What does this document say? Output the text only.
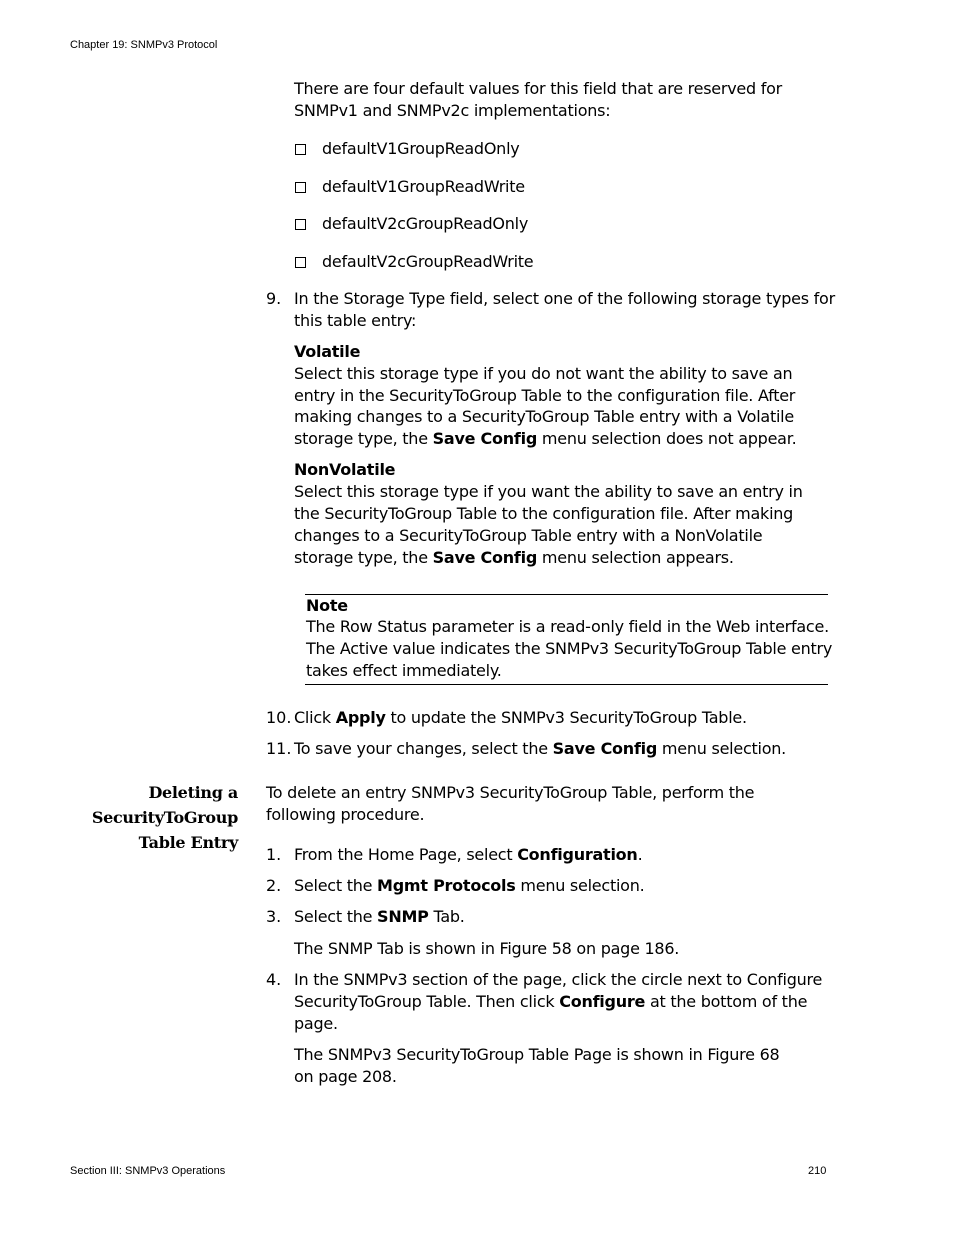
Chapter 19: SNMPv3 Protocol
Section III: SNMPv3 Operations	210
There are four default values for this field that are reserved for
SNMPv1 and SNMPv2c implementations:
defaultV1GroupReadOnly
defaultV1GroupReadWrite
defaultV2cGroupReadOnly
defaultV2cGroupReadWrite
9. In the Storage Type field, select one of the following storage types for
this table entry:
Volatile
Select this storage type if you do not want the ability to save an
entry in the SecurityToGroup Table to the configuration file. After
making changes to a SecurityToGroup Table entry with a Volatile
storage type, the Save Config menu selection does not appear.
NonVolatile
Select this storage type if you want the ability to save an entry in
the SecurityToGroup Table to the configuration file. After making
changes to a SecurityToGroup Table entry with a NonVolatile
storage type, the Save Config menu selection appears.
Note
The Row Status parameter is a read-only field in the Web interface.
The Active value indicates the SNMPv3 SecurityToGroup Table entry
takes effect immediately.
10. Click Apply to update the SNMPv3 SecurityToGroup Table.
11. To save your changes, select the Save Config menu selection.
Deleting a
SecurityToGroup
Table Entry
To delete an entry SNMPv3 SecurityToGroup Table, perform the
following procedure.
1. From the Home Page, select Configuration.
2. Select the Mgmt Protocols menu selection.
3. Select the SNMP Tab.
The SNMP Tab is shown in Figure 58 on page 186.
4. In the SNMPv3 section of the page, click the circle next to Configure
SecurityToGroup Table. Then click Configure at the bottom of the
page.
The SNMPv3 SecurityToGroup Table Page is shown in Figure 68
on page 208.
